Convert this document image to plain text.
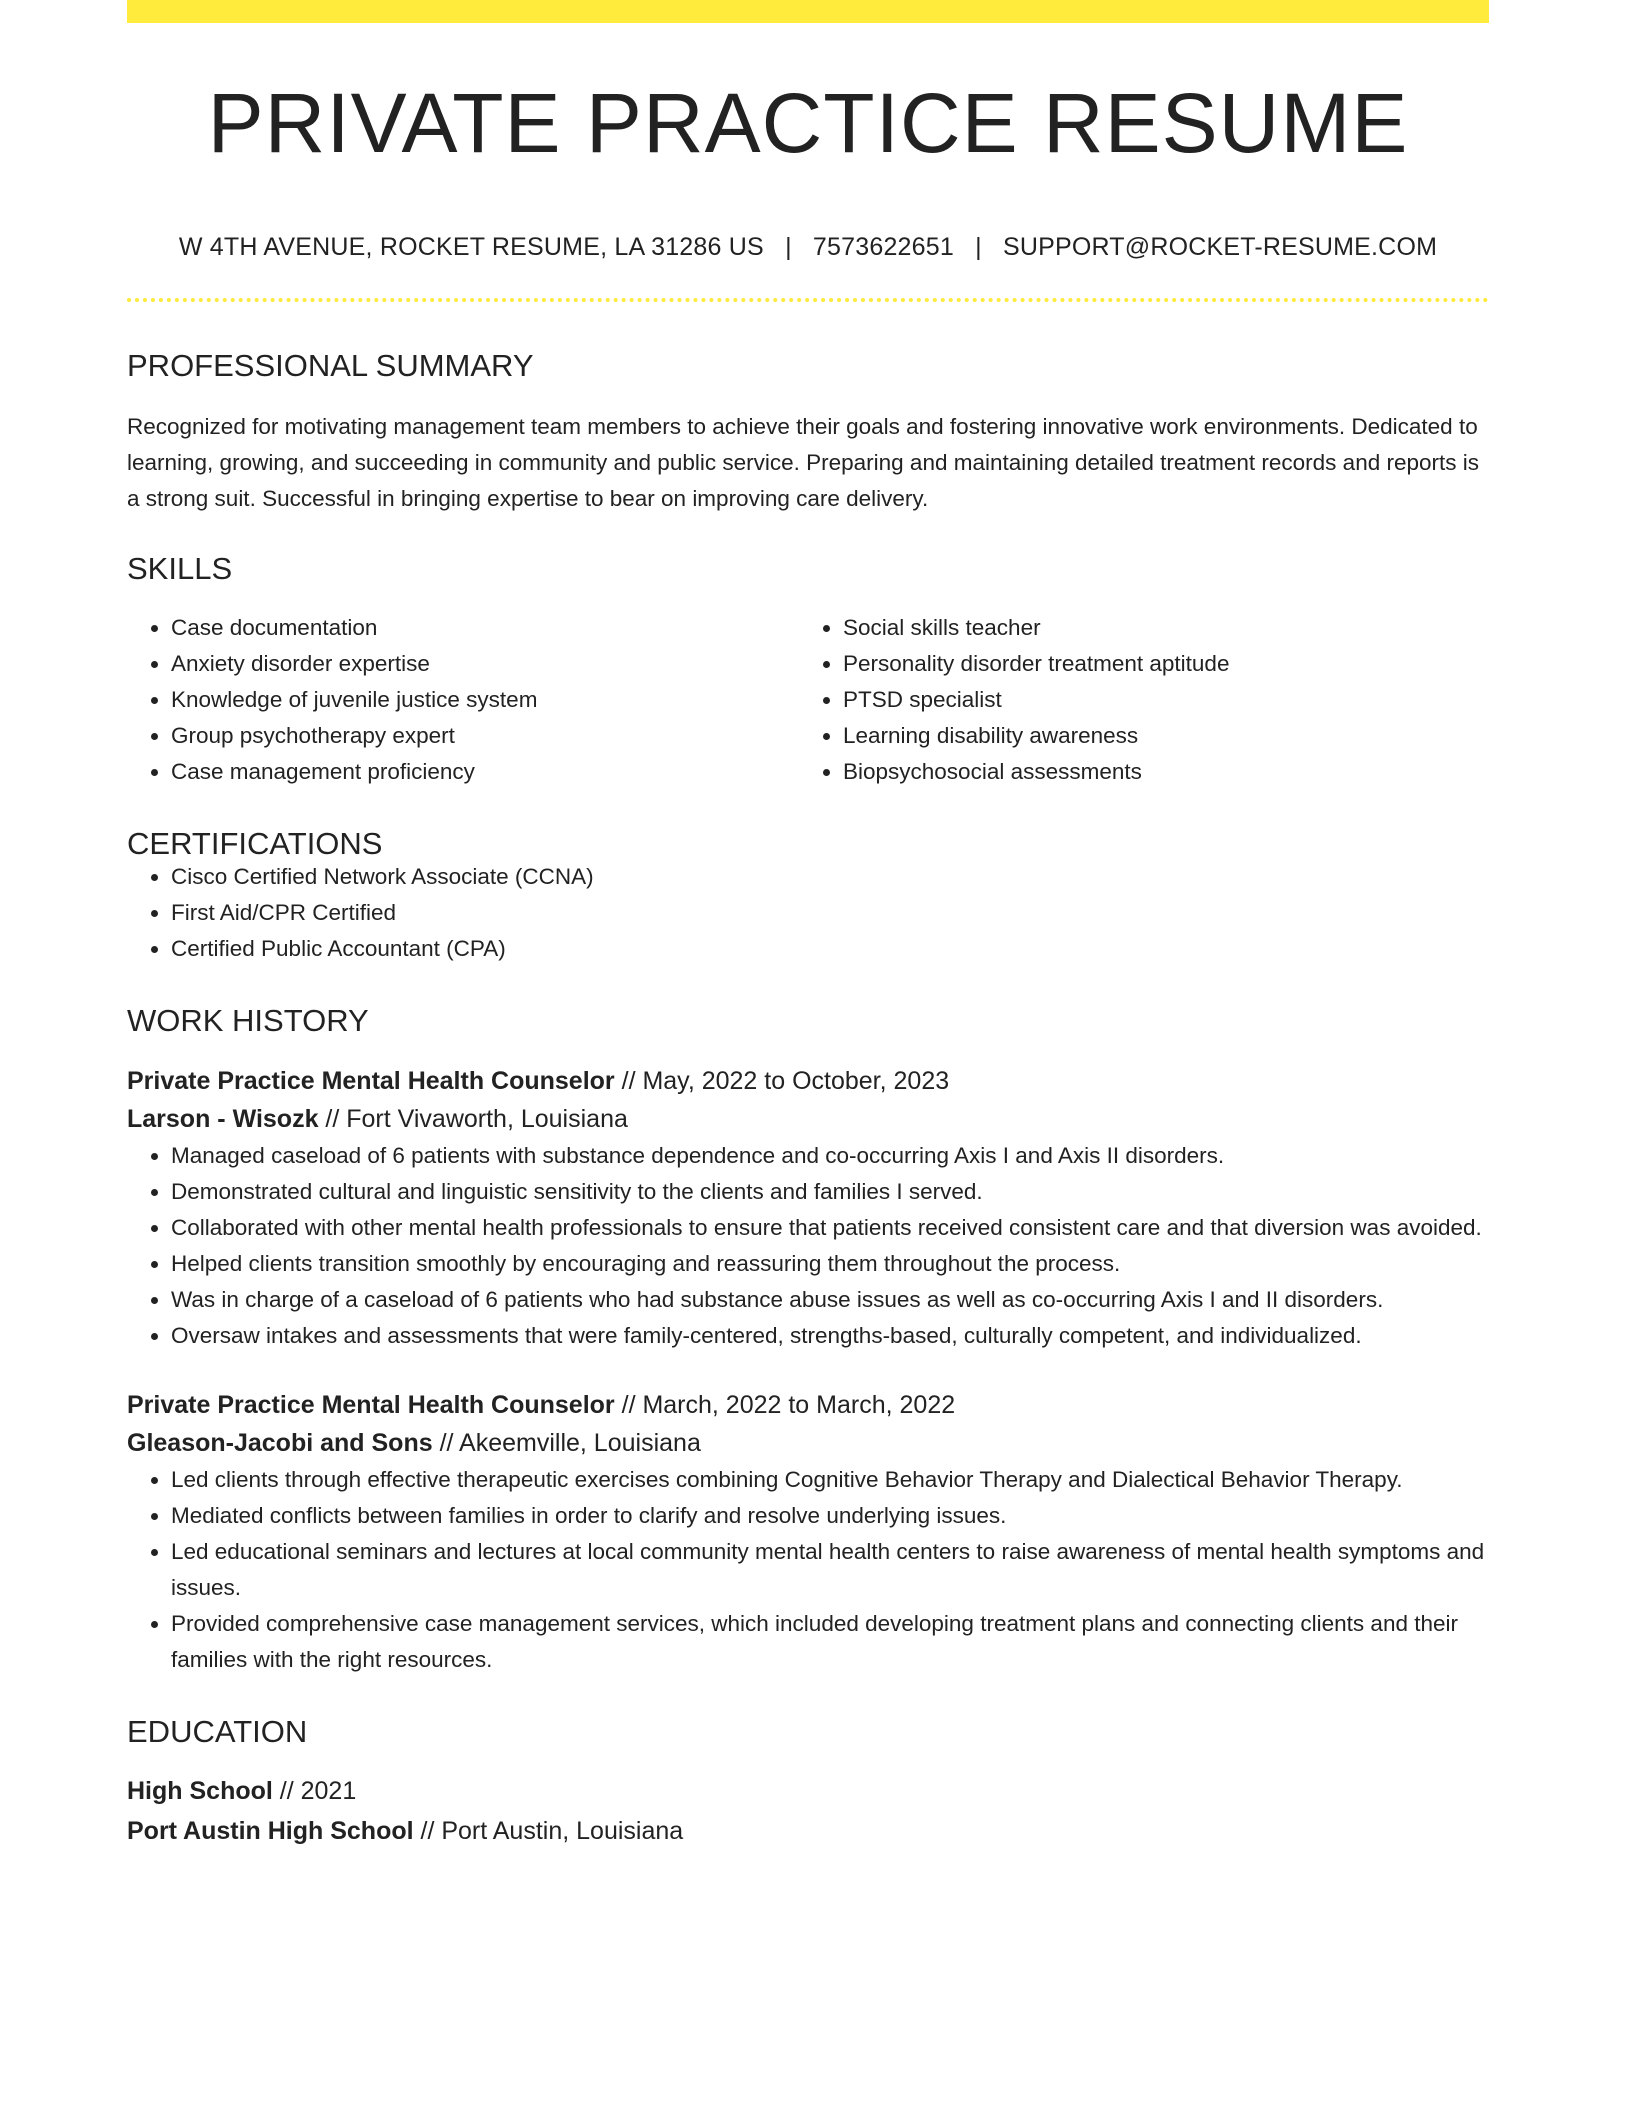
PRIVATE PRACTICE RESUME
W 4TH AVENUE, ROCKET RESUME, LA 31286 US | 7573622651 | SUPPORT@ROCKET-RESUME.COM
PROFESSIONAL SUMMARY
Recognized for motivating management team members to achieve their goals and fostering innovative work environments. Dedicated to learning, growing, and succeeding in community and public service. Preparing and maintaining detailed treatment records and reports is a strong suit. Successful in bringing expertise to bear on improving care delivery.
SKILLS
• Case documentation
• Anxiety disorder expertise
• Knowledge of juvenile justice system
• Group psychotherapy expert
• Case management proficiency
• Social skills teacher
• Personality disorder treatment aptitude
• PTSD specialist
• Learning disability awareness
• Biopsychosocial assessments
CERTIFICATIONS
• Cisco Certified Network Associate (CCNA)
• First Aid/CPR Certified
• Certified Public Accountant (CPA)
WORK HISTORY
Private Practice Mental Health Counselor // May, 2022 to October, 2023
Larson - Wisozk // Fort Vivaworth, Louisiana
• Managed caseload of 6 patients with substance dependence and co-occurring Axis I and Axis II disorders.
• Demonstrated cultural and linguistic sensitivity to the clients and families I served.
• Collaborated with other mental health professionals to ensure that patients received consistent care and that diversion was avoided.
• Helped clients transition smoothly by encouraging and reassuring them throughout the process.
• Was in charge of a caseload of 6 patients who had substance abuse issues as well as co-occurring Axis I and II disorders.
• Oversaw intakes and assessments that were family-centered, strengths-based, culturally competent, and individualized.
Private Practice Mental Health Counselor // March, 2022 to March, 2022
Gleason-Jacobi and Sons // Akeemville, Louisiana
• Led clients through effective therapeutic exercises combining Cognitive Behavior Therapy and Dialectical Behavior Therapy.
• Mediated conflicts between families in order to clarify and resolve underlying issues.
• Led educational seminars and lectures at local community mental health centers to raise awareness of mental health symptoms and issues.
• Provided comprehensive case management services, which included developing treatment plans and connecting clients and their families with the right resources.
EDUCATION
High School // 2021
Port Austin High School // Port Austin, Louisiana
